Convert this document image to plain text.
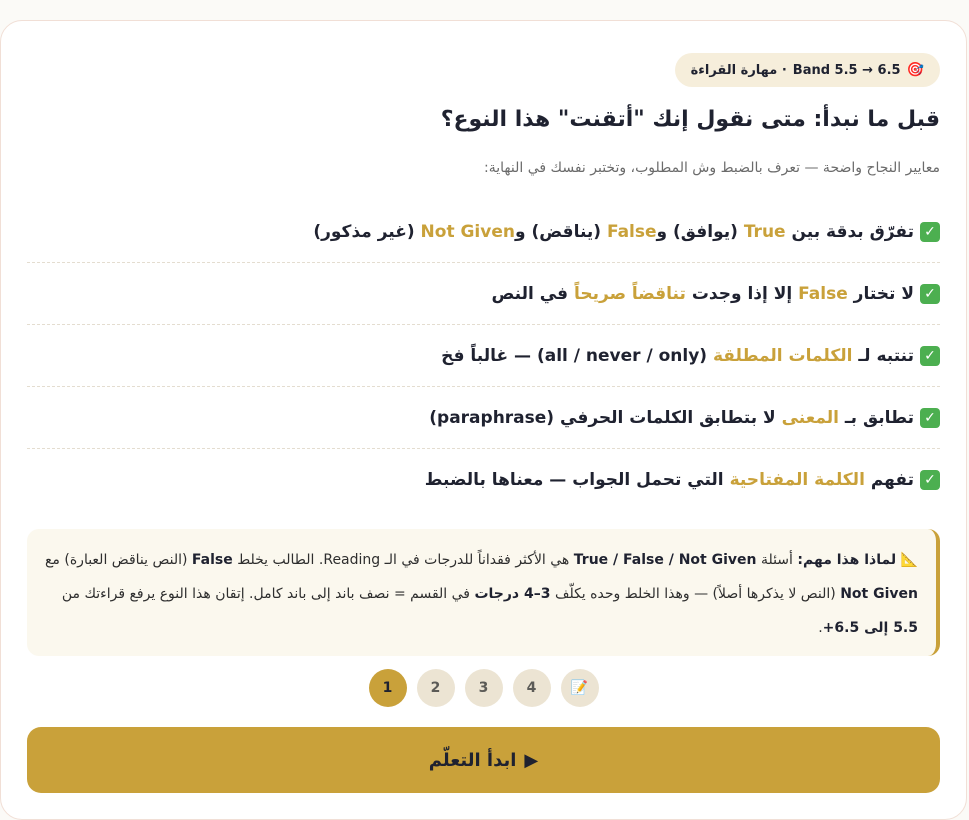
🎯
Band 5.5 → 6.5
· مهارة القراءة
قبل ما نبدأ: متى نقول إنك "أتقنت" هذا النوع؟

معايير النجاح واضحة — تعرف بالضبط وش المطلوب، وتختبر نفسك في النهاية:

✓
تفرّق بدقة بين

True

(يوافق) و
False

(يناقض) و
Not Given

(غير مذكور)
✓
لا تختار

False

إلا إذا وجدت

تناقضاً صريحاً

في النص
✓
تنتبه لـ

الكلمات المطلقة

(all / never / only)

— غالباً فخ
✓
تطابق بـ

المعنى

لا بتطابق الكلمات الحرفي

(paraphrase)
✓
تفهم

الكلمة المفتاحية

التي تحمل الجواب — معناها بالضبط
📐 لماذا هذا مهم: أسئلة True / False / Not Given هي الأكثر فقداناً للدرجات في الـ Reading. الطالب يخلط False (النص يناقض العبارة) مع Not Given (النص لا يذكرها أصلاً) — وهذا الخلط وحده يكلّف 3–4 درجات في القسم = نصف باند إلى باند كامل. إتقان هذا النوع يرفع قراءتك من 5.5 إلى 6.5+.
1	2	3	4	📝
▶
ابدأ التعلّم
